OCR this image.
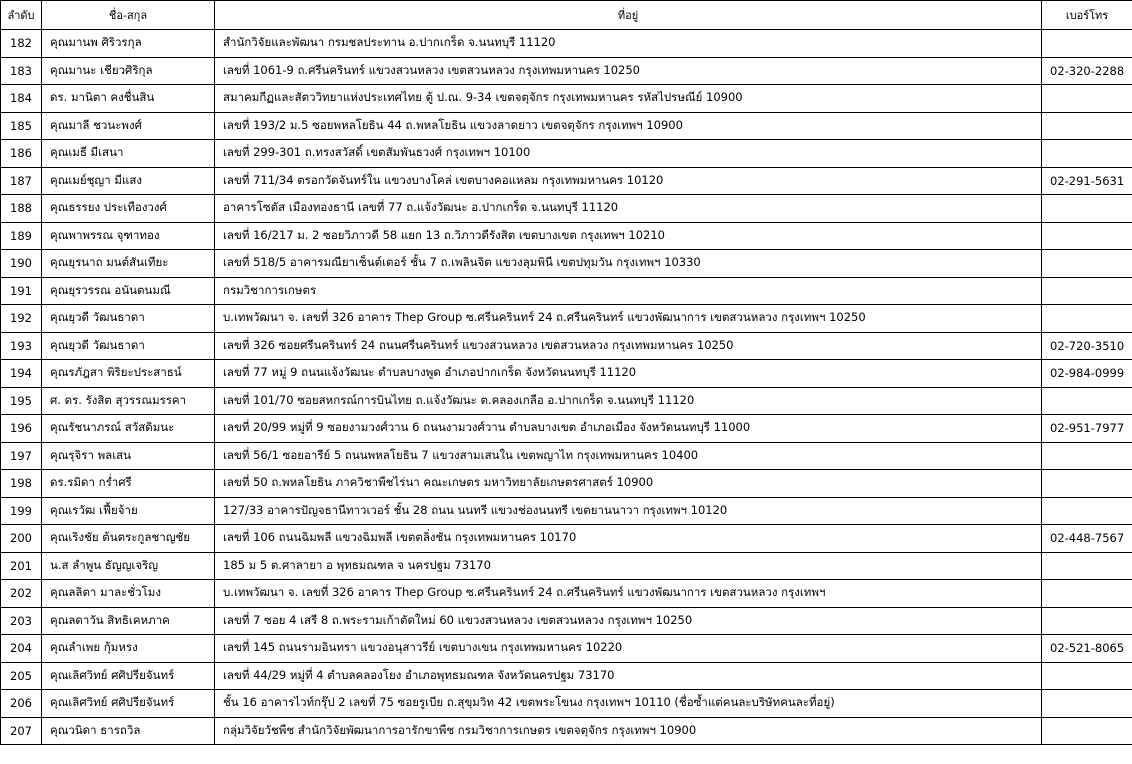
ลำดับ	ชื่อ-สกุล	ที่อยู่	เบอร์โทร
182	คุณมานพ ศิริวรกุล	สำนักวิจัยและพัฒนา กรมชลประทาน อ.ปากเกร็ด จ.นนทบุรี 11120	
183	คุณมานะ เชียวศิริกุล	เลขที่ 1061-9 ถ.ศรีนครินทร์ แขวงสวนหลวง เขตสวนหลวง กรุงเทพมหานคร 10250	02-320-2288
184	ดร. มานิตา คงชื่นสิน	สมาคมกีฏและสัตววิทยาแห่งประเทศไทย ตู้ ป.ณ. 9-34 เขตจตุจักร กรุงเทพมหานคร รหัสไปรษณีย์ 10900	
185	คุณมาลี ชวนะพงศ์	เลขที่ 193/2 ม.5 ซอยพหลโยธิน 44 ถ.พหลโยธิน แขวงลาดยาว เขตจตุจักร กรุงเทพฯ 10900	
186	คุณเมธี มีเสนา	เลขที่ 299-301 ถ.ทรงสวัสดิ์ เขตสัมพันธวงศ์ กรุงเทพฯ 10100	
187	คุณเมย์ชุญา มีแสง	เลขที่ 711/34 ตรอกวัดจันทร์ใน แขวงบางโคล่ เขตบางคอแหลม กรุงเทพมหานคร 10120	02-291-5631
188	คุณธรรยง ประเทืองวงศ์	อาคารโซตัส เมืองทองธานี เลขที่ 77 ถ.แจ้งวัฒนะ อ.ปากเกร็ด จ.นนทบุรี 11120	
189	คุณพาพรรณ จุฑาทอง	เลขที่ 16/217 ม. 2 ซอยวิภาวดี 58 แยก 13 ถ.วิภาวดีรังสิต เขตบางเขต กรุงเทพฯ 10210	
190	คุณยุรนาถ มนต์สันเทียะ	เลขที่ 518/5 อาคารมณียาเซ็นต์เตอร์ ชั้น 7 ถ.เพลินจิต แขวงลุมพินี เขตปทุมวัน กรุงเทพฯ 10330	
191	คุณยุรวรรณ อนันตนมณี	กรมวิชาการเกษตร	
192	คุณยุวดี วัฒนธาดา	บ.เทพวัฒนา จ. เลขที่ 326 อาคาร Thep Group ซ.ศรีนครินทร์ 24 ถ.ศรีนครินทร์ แขวงพัฒนาการ เขตสวนหลวง กรุงเทพฯ 10250	
193	คุณยุวดี วัฒนธาดา	เลขที่ 326 ซอยศรีนครินทร์ 24 ถนนศรีนครินทร์ แขวงสวนหลวง เขตสวนหลวง กรุงเทพมหานคร 10250	02-720-3510
194	คุณรภัฎสา พิริยะประสาธน์	เลขที่ 77 หมู่ 9 ถนนแจ้งวัฒนะ ตำบลบางพูด อำเภอปากเกร็ด จังหวัดนนทบุรี 11120	02-984-0999
195	ศ. ดร. รังสิต สุวรรณมรรคา	เลขที่ 101/70 ซอยสหกรณ์การบินไทย ถ.แจ้งวัฒนะ ต.คลองเกลือ อ.ปากเกร็ด จ.นนทบุรี 11120	
196	คุณรัชนาภรณ์ สวัสดิมนะ	เลขที่ 20/99 หมู่ที่ 9 ซอยงามวงศ์วาน 6 ถนนงามวงศ์วาน ตำบลบางเขต อำเภอเมือง จังหวัดนนทบุรี 11000	02-951-7977
197	คุณรุจิรา พลเสน	เลขที่ 56/1 ซอยอารีย์ 5 ถนนพหลโยธิน 7 แขวงสามเสนใน เขตพญาไท กรุงเทพมหานคร 10400	
198	ดร.รมิดา กร่ำศรี	เลขที่ 50 ถ.พหลโยธิน ภาควิชาพืชไร่นา คณะเกษตร มหาวิทยาลัยเกษตรศาสตร์ 10900	
199	คุณเรวัฒ เฟี้ยจ้าย	127/33 อาคารปัญจธานีทาวเวอร์ ชั้น 28 ถนน นนทรี แขวงช่องนนทรี เขตยานนาวา กรุงเทพฯ 10120	
200	คุณเริงชัย ต้นตระกูลชาญชัย	เลขที่ 106 ถนนฉิมพลี แขวงฉิมพลี เขตตลิ่งชัน กรุงเทพมหานคร 10170	02-448-7567
201	น.ส ลำพูน ธัญญเจริญ	185 ม 5 ต.ศาลายา อ พุทธมณฑล จ นครปฐม 73170	
202	คุณลลิตา มาละชั่วโมง	บ.เทพวัฒนา จ. เลขที่ 326 อาคาร Thep Group ซ.ศรีนครินทร์ 24 ถ.ศรีนครินทร์ แขวงพัฒนาการ เขตสวนหลวง กรุงเทพฯ	
203	คุณลดาวัน สิทธิเคหภาค	เลขที่ 7 ซอย 4 เสรี 8 ถ.พระรามเก้าตัดใหม่ 60 แขวงสวนหลวง เขตสวนหลวง กรุงเทพฯ 10250	
204	คุณลำเพย กุ้มหรง	เลขที่ 145 ถนนรามอินทรา แขวงอนุสาวรีย์ เขตบางเขน กรุงเทพมหานคร 10220	02-521-8065
205	คุณเลิศวิทย์ ศศิปรียจันทร์	เลขที่ 44/29 หมู่ที่ 4 ตำบลคลองโยง อำเภอพุทธมณฑล จังหวัดนครปฐม 73170	
206	คุณเลิศวิทย์ ศศิปรียจันทร์	ชั้น 16 อาคารไวท์กรุ๊ป 2 เลขที่ 75 ซอยรูเบีย ถ.สุขุมวิท 42 เขตพระโขนง กรุงเทพฯ 10110 (ชื่อซ้ำแต่คนละบริษัทคนละที่อยู่)	
207	คุณวนิดา ธารถวิล	กลุ่มวิจัยวัชพืช สำนักวิจัยพัฒนาการอารักขาพืช กรมวิชาการเกษตร เขตจตุจักร กรุงเทพฯ 10900	
